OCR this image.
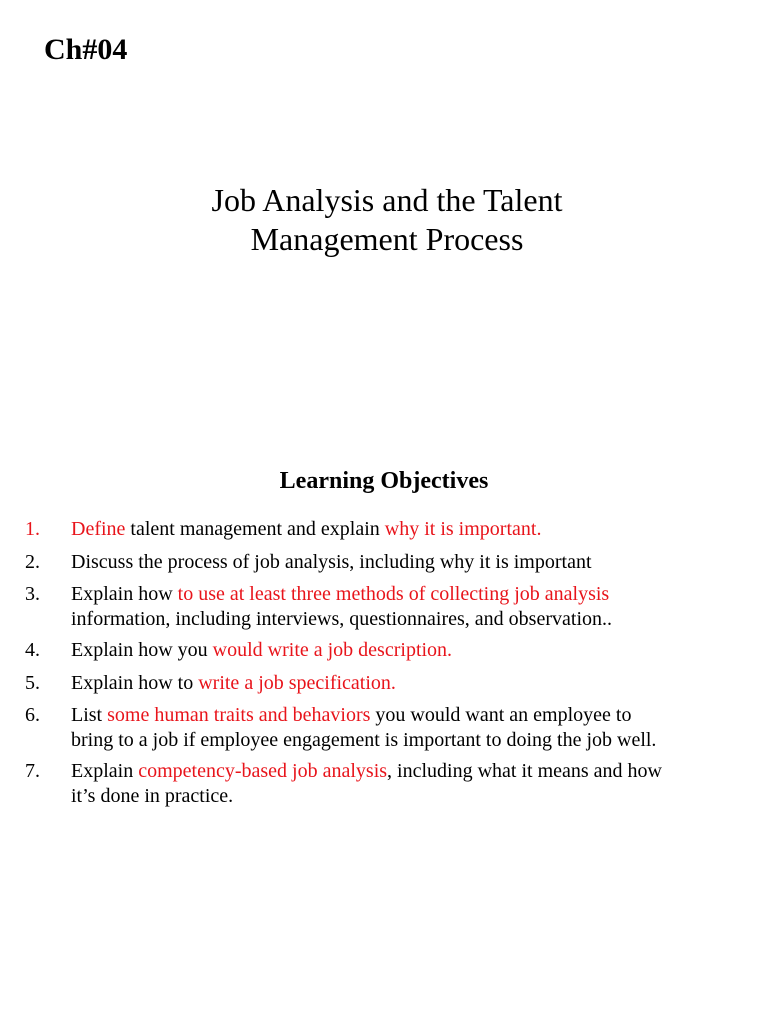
Ch#04
Job Analysis and the Talent
Management Process
Learning Objectives
1. Define talent management and explain why it is important.
2. Discuss the process of job analysis, including why it is important
3. Explain how to use at least three methods of collecting job analysis
information, including interviews, questionnaires, and observation..
4. Explain how you would write a job description.
5. Explain how to write a job specification.
6. List some human traits and behaviors you would want an employee to
bring to a job if employee engagement is important to doing the job well.
7. Explain competency-based job analysis, including what it means and how
it’s done in practice.
